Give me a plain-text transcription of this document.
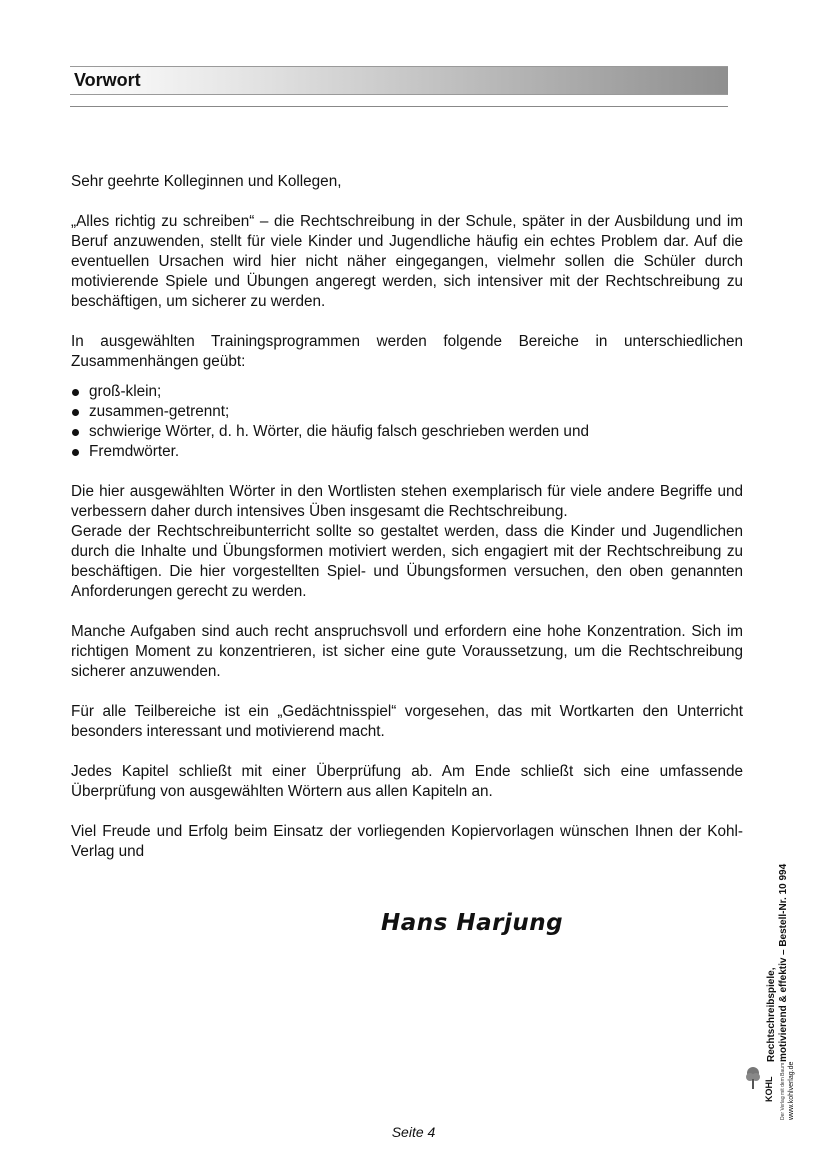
Vorwort

Sehr geehrte Kolleginnen und Kollegen,

„Alles richtig zu schreiben“ – die Rechtschreibung in der Schule, später in der Ausbildung und im Beruf anzuwenden, stellt für viele Kinder und Jugendliche häufig ein echtes Problem dar. Auf die eventuellen Ursachen wird hier nicht näher eingegangen, vielmehr sollen die Schüler durch motivierende Spiele und Übungen angeregt werden, sich intensiver mit der Rechtschreibung zu beschäftigen, um sicherer zu werden.

In ausgewählten Trainingsprogrammen werden folgende Bereiche in unterschiedlichen Zusammenhängen geübt:

groß-klein;
zusammen-getrennt;
schwierige Wörter, d. h. Wörter, die häufig falsch geschrieben werden und
Fremdwörter.

Die hier ausgewählten Wörter in den Wortlisten stehen exemplarisch für viele andere Begriffe und verbessern daher durch intensives Üben insgesamt die Rechtschreibung.

Gerade der Rechtschreibunterricht sollte so gestaltet werden, dass die Kinder und Jugendlichen durch die Inhalte und Übungsformen motiviert werden, sich engagiert mit der Rechtschreibung zu beschäftigen. Die hier vorgestellten Spiel- und Übungsformen versuchen, den oben genannten Anforderungen gerecht zu werden.

Manche Aufgaben sind auch recht anspruchsvoll und erfordern eine hohe Konzentration. Sich im richtigen Moment zu konzentrieren, ist sicher eine gute Voraussetzung, um die Rechtschreibung sicherer anzuwenden.

Für alle Teilbereiche ist ein „Gedächtnisspiel“ vorgesehen, das mit Wortkarten den Unterricht besonders interessant und motivierend macht.

Jedes Kapitel schließt mit einer Überprüfung ab. Am Ende schließt sich eine umfassende Überprüfung von ausgewählten Wörtern aus allen Kapiteln an.

Viel Freude und Erfolg beim Einsatz der vorliegenden Kopiervorlagen wünschen Ihnen der Kohl-Verlag und

Hans Harjung
Der Verlag mit dem Baum www.kohlverlag.de
KOHL
Rechtschreibspiele, motivierend & effektiv
– Bestell-Nr. 10 994
Seite 4
